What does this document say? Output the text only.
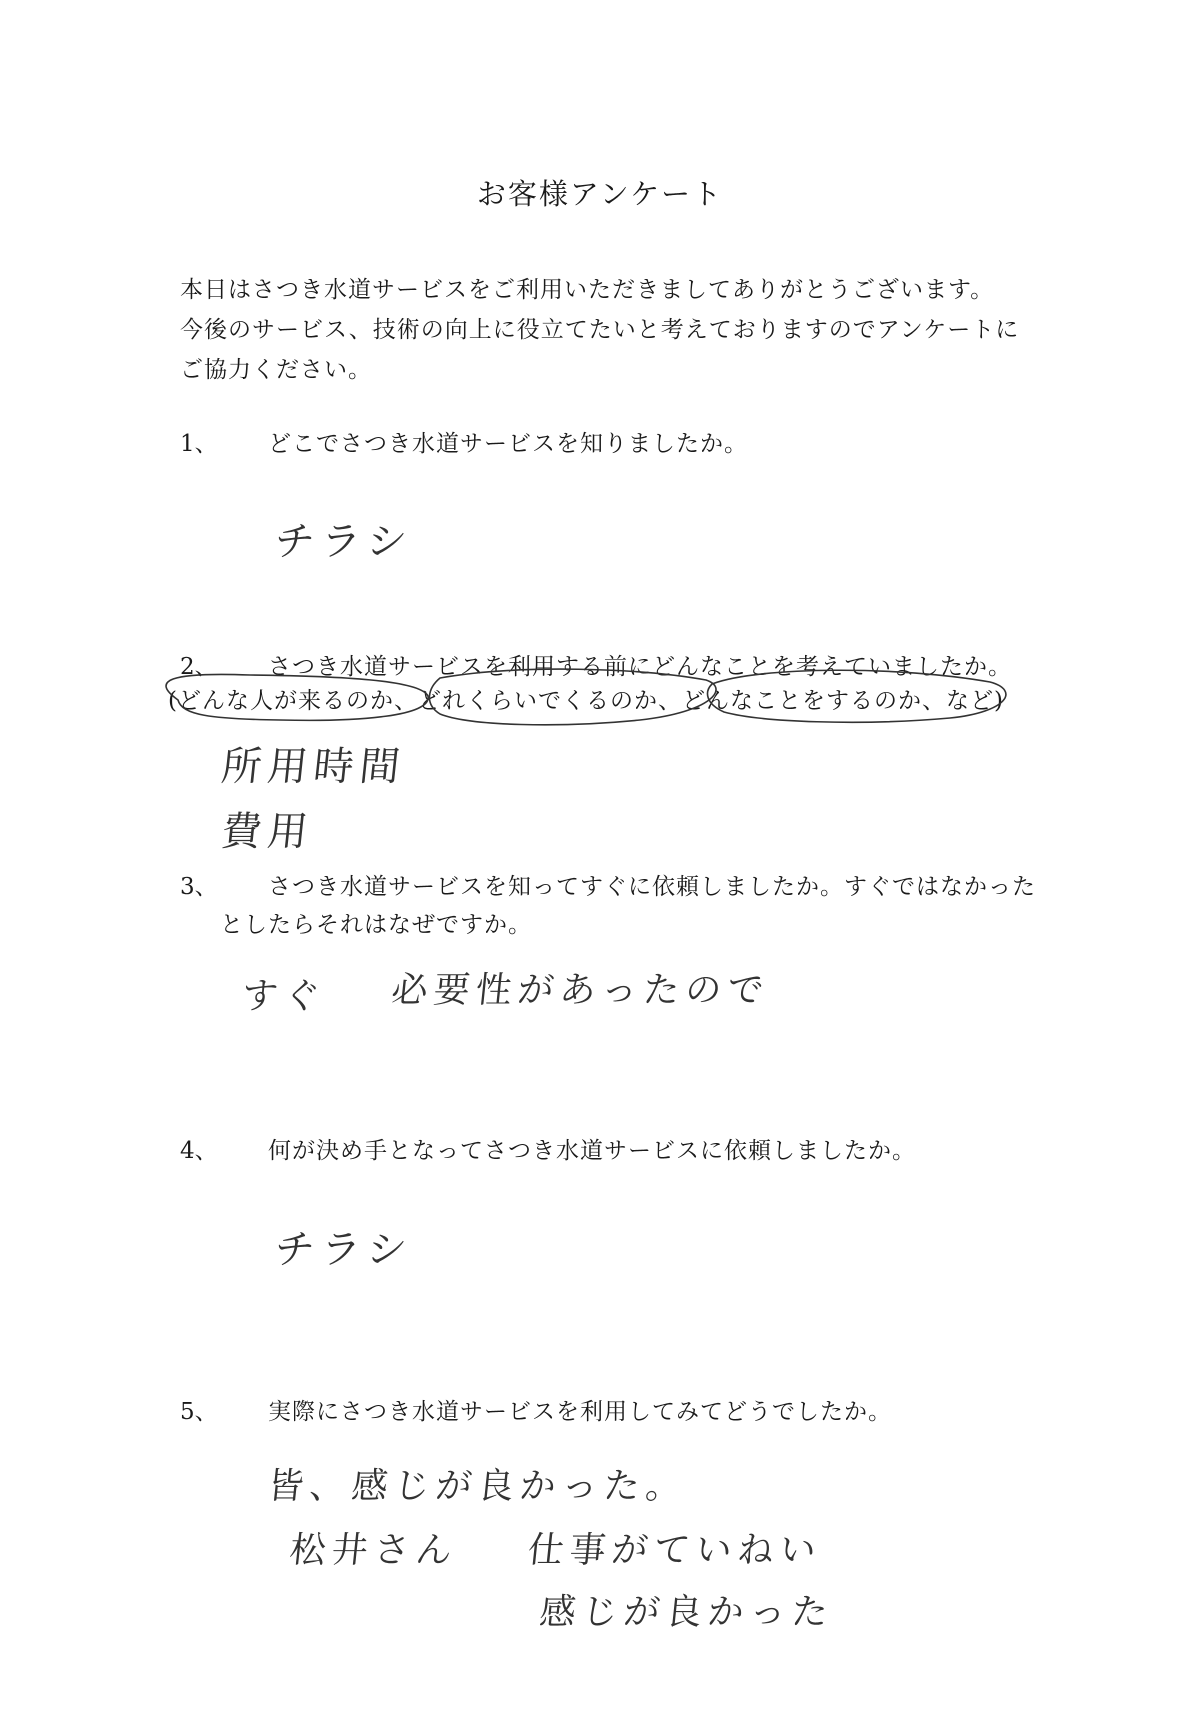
お客様アンケート
本日はさつき水道サービスをご利用いただきましてありがとうございます。
今後のサービス、技術の向上に役立てたいと考えておりますのでアンケートに
ご協力ください。
1、 どこでさつき水道サービスを知りましたか。
チラシ
2、 さつき水道サービスを利用する前にどんなことを考えていましたか。
(どんな人が来るのか、どれくらいでくるのか、どんなことをするのか、など)
所用時間
費用
3、 さつき水道サービスを知ってすぐに依頼しましたか。すぐではなかった
としたらそれはなぜですか。
すぐ 必要性があったので
4、 何が決め手となってさつき水道サービスに依頼しましたか。
チラシ
5、 実際にさつき水道サービスを利用してみてどうでしたか。
皆、感じが良かった。
松井さん 仕事がていねい
感じが良かった
